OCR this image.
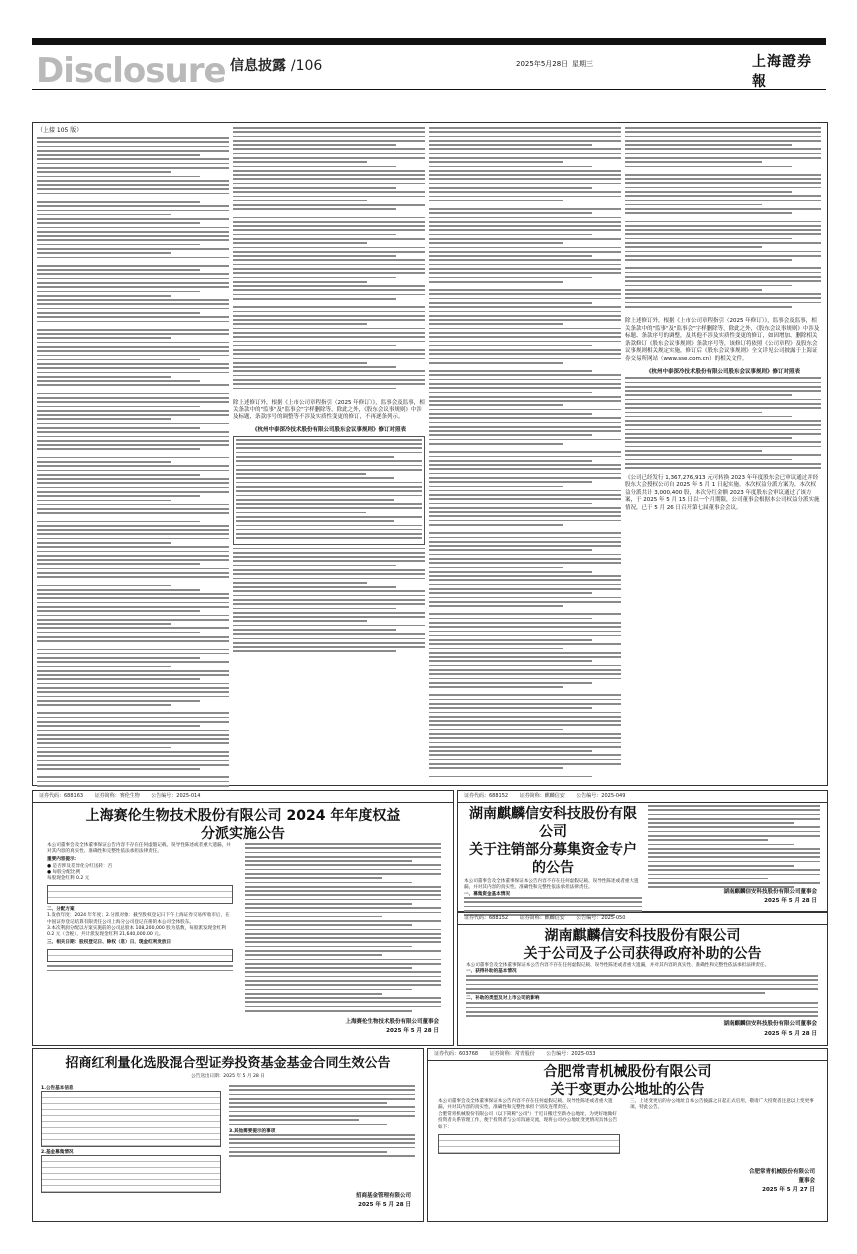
Disclosure 信息披露 /106	2025年5月28日 星期三	上海證券報
（上接 105 版）
除上述修订外，根据《上市公司章程指引（2025 年修订）》，监事会及监事，相关条款中的"监事"及"监事会"字样删除等，除此之外，《股东会议事规则》中涉及标题、条款序号的调整等不涉及实质性变更的修订，不再逐条列示。
《杭州中泰深冷技术股份有限公司股东会议事规则》修订对照表
除上述修订外，根据《上市公司章程指引（2025 年修订）》，监事会及监事，相关条款中的"监事"及"监事会"字样删除等，除此之外，《股东会议事规则》中涉及标题、条款序号的调整，及其他不涉及实质性变更的修订，如因增加、删除相关条款修订《股东会议事规则》条款序号等，该修订将依照《公司章程》及股东会议事规则相关规定实施，修订后《股东会议事规则》全文详见公司披露于上海证券交易所网站（www.sse.com.cn）的相关文件。
《杭州中泰深冷技术股份有限公司股东会议事规则》修订对照表
《公司已经发行 1,367,276,913 元可转换 2023 年年度股东会已审议通过并经股东大会授权公司自 2025 年 5 月 1 日起实施。本次权益分派方案为，本次权益分派共计 3,000,400 股，本次分红金额 2023 年度股东会审议通过了该方案，于 2025 年 5 月 15 日以一个月期限，公司董事会根据本公司权益分派实施情况，已于 5 月 26 日召开第七届董事会会议。
证券代码：688163 证券简称：赛伦生物 公告编号：2025-014
上海赛伦生物技术股份有限公司 2024 年年度权益
分派实施公告
本公司董事会及全体董事保证公告内容不存在任何虚假记载、误导性陈述或者重大遗漏，并对其内容的真实性、准确性和完整性依法承担法律责任。
重要内容提示：
● 是否涉及差异化分红送转：否
● 每股分配比例
每股现金红利 0.2 元
二、分配方案
1.发放年度：2024 年年度；2.分派对象：截至股权登记日下午上海证券交易所收市后，在中国证券登记结算有限责任公司上海分公司登记在册的本公司全体股东。
3.本次利润分配以方案实施前的公司总股本 108,200,000 股为基数，每股派发现金红利 0.2 元（含税），共计派发现金红利 21,640,000.00 元。
三、相关日期：股权登记日、除权（息）日、现金红利发放日
上海赛伦生物技术股份有限公司董事会
2025 年 5 月 28 日
证券代码：688152 证券简称：麒麟信安 公告编号：2025-049
湖南麒麟信安科技股份有限公司
关于注销部分募集资金专户的公告
本公司董事会及全体董事保证本公告内容不存在任何虚假记载、误导性陈述或者重大遗漏，并对其内容的真实性、准确性和完整性依法承担法律责任。
一、募集资金基本情况	湖南麒麟信安科技股份有限公司董事会
2025 年 5 月 28 日
证券代码：688152 证券简称：麒麟信安 公告编号：2025-050
湖南麒麟信安科技股份有限公司
关于公司及子公司获得政府补助的公告
本公司董事会及全体董事保证本公告内容不存在任何虚假记载、误导性陈述或者重大遗漏，并对其内容的真实性、准确性和完整性依法承担法律责任。
一、获得补助的基本情况
二、补助的类型及对上市公司的影响
湖南麒麟信安科技股份有限公司董事会
2025 年 5 月 28 日
招商红利量化选股混合型证券投资基金基金合同生效公告
公告送出日期：2025 年 5 月 28 日
1.公告基本信息
2.基金募集情况
3.其他需要提示的事项
招商基金管理有限公司
2025 年 5 月 28 日
证券代码：603768 证券简称：常青股份 公告编号：2025-033
合肥常青机械股份有限公司
关于变更办公地址的公告
本公司董事会及全体董事保证本公告内容不存在任何虚假记载、误导性陈述或者重大遗漏，并对其内容的真实性、准确性和完整性承担个别及连带责任。
合肥常青机械股份有限公司（以下简称"公司"）于近日搬迁至新办公地址，为更好地做好投资者关系管理工作，便于投资者与公司沟通交流，现将公司办公地址变更情况具体公告如下：
三、上述变更后的办公地址自本公告披露之日起正式启用，敬请广大投资者注意以上变更事项。特此公告。
合肥常青机械股份有限公司
董事会
2025 年 5 月 27 日
